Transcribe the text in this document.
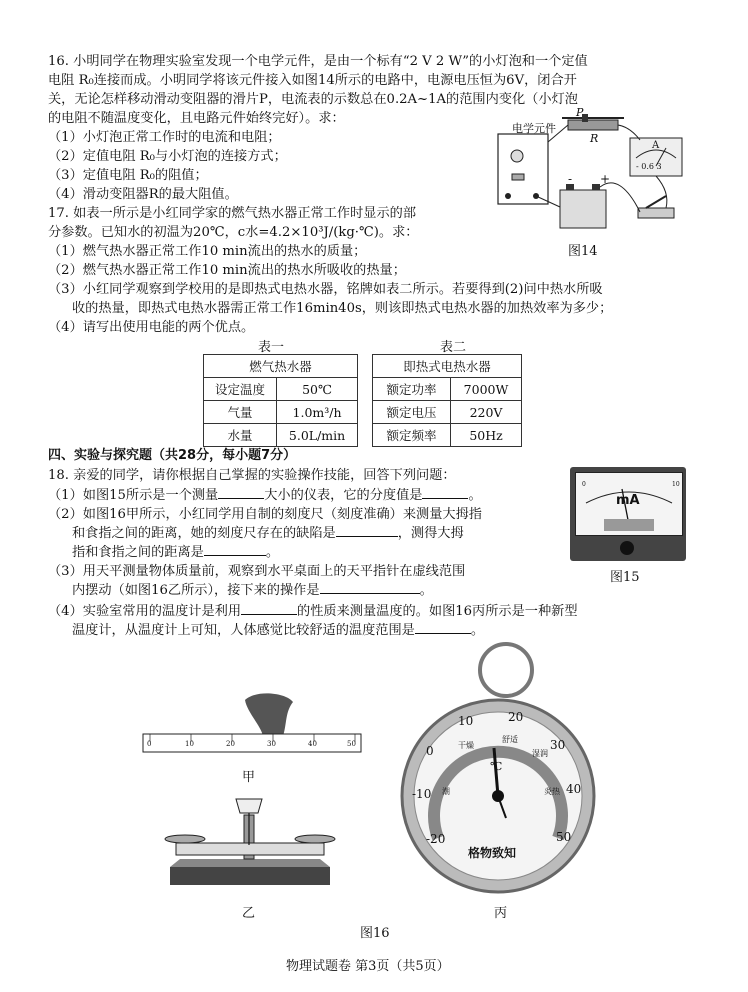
16. 小明同学在物理实验室发现一个电学元件，是由一个标有“2 V 2 W”的小灯泡和一个定值
电阻 R₀连接而成。小明同学将该元件接入如图14所示的电路中，电源电压恒为6V，闭合开
关，无论怎样移动滑动变阻器的滑片P，电流表的示数总在0.2A~1A的范围内变化（小灯泡
的电阻不随温度变化，且电路元件始终完好）。求：
（1）小灯泡正常工作时的电流和电阻；
（2）定值电阻 R₀与小灯泡的连接方式；
（3）定值电阻 R₀的阻值；
（4）滑动变阻器R的最大阻值。
电学元件
P
R
A
- 0.6 3
- +
图14
17. 如表一所示是小红同学家的燃气热水器正常工作时显示的部
分参数。已知水的初温为20℃，c水=4.2×10³J/(kg·℃)。求：
（1）燃气热水器正常工作10 min流出的热水的质量；
（2）燃气热水器正常工作10 min流出的热水所吸收的热量；
（3）小红同学观察到学校用的是即热式电热水器，铭牌如表二所示。若要得到(2)问中热水所吸
收的热量，即热式电热水器需正常工作16min40s，则该即热式电热水器的加热效率为多少；
（4）请写出使用电能的两个优点。
表一
燃气热水器	
设定温度	50℃
气量	1.0m³/h
水量	5.0L/min
表二
即热式电热水器	
额定功率	7000W
额定电压	220V
额定频率	50Hz
四、实验与探究题（共28分，每小题7分）
18. 亲爱的同学，请你根据自己掌握的实验操作技能，回答下列问题：
（1）如图15所示是一个测量	大小的仪表，它的分度值是	。
（2）如图16甲所示，小红同学用自制的刻度尺（刻度准确）来测量大拇指
和食指之间的距离，她的刻度尺存在的缺陷是	，测得大拇
指和食指之间的距离是	。
（3）用天平测量物体质量前，观察到水平桌面上的天平指针在虚线范围
内摆动（如图16乙所示），接下来的操作是	。
（4）实验室常用的温度计是利用	的性质来测量温度的。如图16丙所示是一种新型
温度计，从温度计上可知，人体感觉比较舒适的温度范围是	。
mA
0	10
图15
0	10	20	30	40	50
甲
乙
-20
-10
0
10	20
30
40
50
℃
潮
干燥
舒适
湿润
炎热
格物致知
丙
图16
物理试题卷 第3页（共5页）
